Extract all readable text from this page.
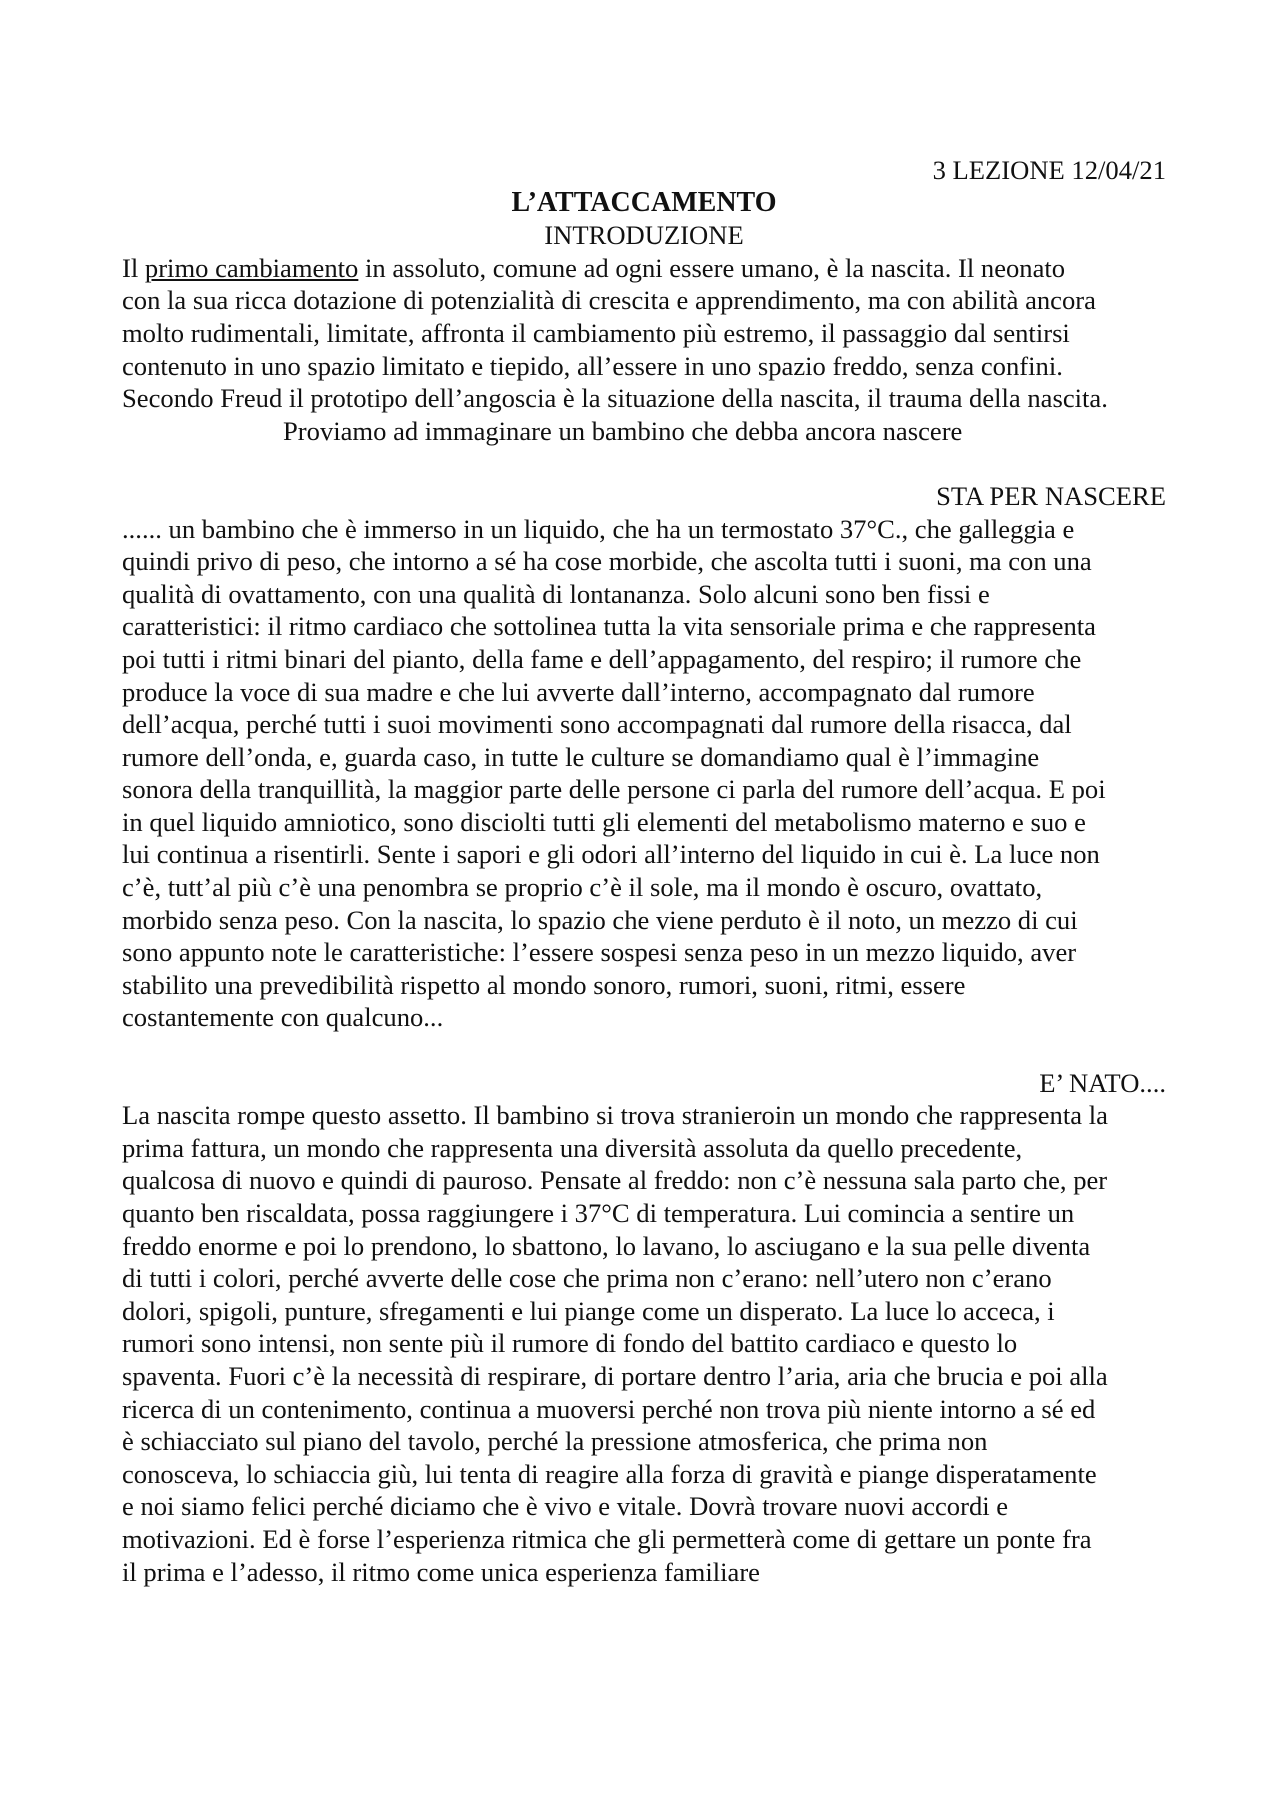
3 LEZIONE 12/04/21
L’ATTACCAMENTO
INTRODUZIONE
Il primo cambiamento in assoluto, comune ad ogni essere umano, è la nascita. Il neonato
con la sua ricca dotazione di potenzialità di crescita e apprendimento, ma con abilità ancora
molto rudimentali, limitate, affronta il cambiamento più estremo, il passaggio dal sentirsi
contenuto in uno spazio limitato e tiepido, all’essere in uno spazio freddo, senza confini.
Secondo Freud il prototipo dell’angoscia è la situazione della nascita, il trauma della nascita.
Proviamo ad immaginare un bambino che debba ancora nascere
STA PER NASCERE
...... un bambino che è immerso in un liquido, che ha un termostato 37°C., che galleggia e
quindi privo di peso, che intorno a sé ha cose morbide, che ascolta tutti i suoni, ma con una
qualità di ovattamento, con una qualità di lontananza. Solo alcuni sono ben fissi e
caratteristici: il ritmo cardiaco che sottolinea tutta la vita sensoriale prima e che rappresenta
poi tutti i ritmi binari del pianto, della fame e dell’appagamento, del respiro; il rumore che
produce la voce di sua madre e che lui avverte dall’interno, accompagnato dal rumore
dell’acqua, perché tutti i suoi movimenti sono accompagnati dal rumore della risacca, dal
rumore dell’onda, e, guarda caso, in tutte le culture se domandiamo qual è l’immagine
sonora della tranquillità, la maggior parte delle persone ci parla del rumore dell’acqua. E poi
in quel liquido amniotico, sono disciolti tutti gli elementi del metabolismo materno e suo e
lui continua a risentirli. Sente i sapori e gli odori all’interno del liquido in cui è. La luce non
c’è, tutt’al più c’è una penombra se proprio c’è il sole, ma il mondo è oscuro, ovattato,
morbido senza peso. Con la nascita, lo spazio che viene perduto è il noto, un mezzo di cui
sono appunto note le caratteristiche: l’essere sospesi senza peso in un mezzo liquido, aver
stabilito una prevedibilità rispetto al mondo sonoro, rumori, suoni, ritmi, essere
costantemente con qualcuno...
E’ NATO....
La nascita rompe questo assetto. Il bambino si trova stranieroin un mondo che rappresenta la
prima fattura, un mondo che rappresenta una diversità assoluta da quello precedente,
qualcosa di nuovo e quindi di pauroso. Pensate al freddo: non c’è nessuna sala parto che, per
quanto ben riscaldata, possa raggiungere i 37°C di temperatura. Lui comincia a sentire un
freddo enorme e poi lo prendono, lo sbattono, lo lavano, lo asciugano e la sua pelle diventa
di tutti i colori, perché avverte delle cose che prima non c’erano: nell’utero non c’erano
dolori, spigoli, punture, sfregamenti e lui piange come un disperato. La luce lo acceca, i
rumori sono intensi, non sente più il rumore di fondo del battito cardiaco e questo lo
spaventa. Fuori c’è la necessità di respirare, di portare dentro l’aria, aria che brucia e poi alla
ricerca di un contenimento, continua a muoversi perché non trova più niente intorno a sé ed
è schiacciato sul piano del tavolo, perché la pressione atmosferica, che prima non
conosceva, lo schiaccia giù, lui tenta di reagire alla forza di gravità e piange disperatamente
e noi siamo felici perché diciamo che è vivo e vitale. Dovrà trovare nuovi accordi e
motivazioni. Ed è forse l’esperienza ritmica che gli permetterà come di gettare un ponte fra
il prima e l’adesso, il ritmo come unica esperienza familiare
